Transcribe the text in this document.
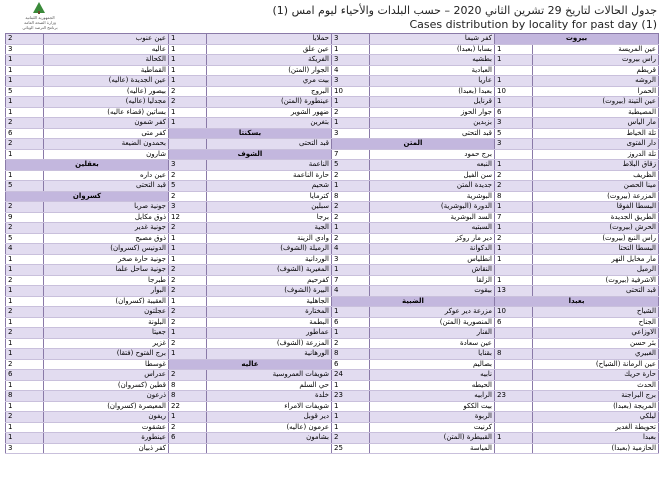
الجمهورية اللبنانية
وزارة الصحة العامة
برنامج الترصد الوبائي
جدول الحالات لتاريخ 29 تشرين الثاني 2020 – حسب البلدات والأحياء ليوم امس (1)
Cases distribution by locality for past day (1)
2	عين عنوب	1	حملايا	3	كفر شيما	بيروت	
3	عاليه	1	عين علق	1	بسابا (بعبدا)	1	عين المريسة
1	الكحالة	1	الفريكة	3	بطشيه	1	راس بيروت
1	القماطية	1	الجوار (المتن)	4	العبادية		قريطم
1	عين الجديدة (عاليه)	1	بيت مري	3	عاريا	1	الروشه
5	بيصور (عاليه)	2	البروج	10	بعبدا (بعبدا)	10	الحمرا
1	مجدليا (عاليه)	2	عينطورة (المتن)	1	قرنايل	1	عين التينة (بيروت)
1	بساتين (قضاء عاليه)	1	ضهور الشوير	2	جوار الحوز	6	المصيطبة
2	كفر شمون	1	بتغرين	1	بزبدين	3	مار الياس
6	كفر متى	بسكنتا		3	قبد التحتى	5	تلة الخياط
2	بحمدون الضيعة		قبد التحتى	المتن		3	دار الفتوى
1	شارون	الشوف		7	برج حمود		تلة الدروز
بعقلين		3	الناعمة	5	النبعه	1	زقاق البلاط
1	عين داره	2	حارة الناعمة	2	سن الفيل	2	الظريف
5	قبد التحتى	5	شحيم	1	جديدة المتن	2	مينا الحصن
كسروان		2	كترمايا	8	البوشرية	8	المزرعة (بيروت)
2	جونية صربا	3	سبلين	2	الدورة (البوشرية)	1	البسطا الفوقا
9	ذوق مكايل	12	برجا	2	السد البوشرية	7	الطريق الجديدة
2	جونية غدير	2	الجية	1	السبتيه	1	الحرش (بيروت)
5	ذوق مصبح	1	وادي الزينة	2	دير مار روكز	2	راس النبع (بيروت)
4	الدونيس (كسروان)	1	الرميلة (الشوف)	4	الدكوانة	1	البسطا التحتا
1	جونية حارة صخر	1	الوردانية	3	انطلياس	1	مار مخايل النهر
1	جونية ساحل علما	2	المغيرية (الشوف)	1	النقاش		الرميل
2	طبرجا	2	كفرحيم	7	الزلقا	1	الاشرفية (بيروت)
1	البوار	2	البيرة (الشوف)	4	بيقوت	13	قبد التحتى
1	العقيبة (كسروان)	1	الجاهلية	الضبية		بعبدا	
2	عجلتون	2	المختارة	1	مزرعة دير عوكر	10	الشياح
1	البلونة	2	البطمة	6	المنصورية (المتن)	6	الجناح
2	جعيتا	1	عماطور	1	الفنار		الاوزاعي
1	غزير	2	المزرعة (الشوف)	2	عين سعادة		بئر حسن
1	برج الفتوح (فتقا)	1	الورهانية	8	بقنايا	8	الغبيري
2	غوسطا	عاليه		6	بصاليم		عين الرمانة (الشياح)
6	عدراس	2	شويفات العمروسية	24	نابيه		حارة حريك
1	قطين (كسروان)	8	حي السلم	1	الحيطه		الحدث
8	ذرعون	8	خلدة	23	الرابيه	23	برج البراجنة
1	المعيصرة (كسروان)	22	شويفات الامراء	1	بيت الككو		المريجة (بعبدا)
2	ريفون	1	دير قوبل	1	الربوة		ليلكي
1	عشقوت	2	عرمون (عاليه)	1	كرنيت		تحويطة الغدير
1	عينطورة	6	بشامون	2	القبيطرة (المتن)	1	بعبدا
3	كفر ذبيان			25	المياسة		الحازمية (بعبدا)
